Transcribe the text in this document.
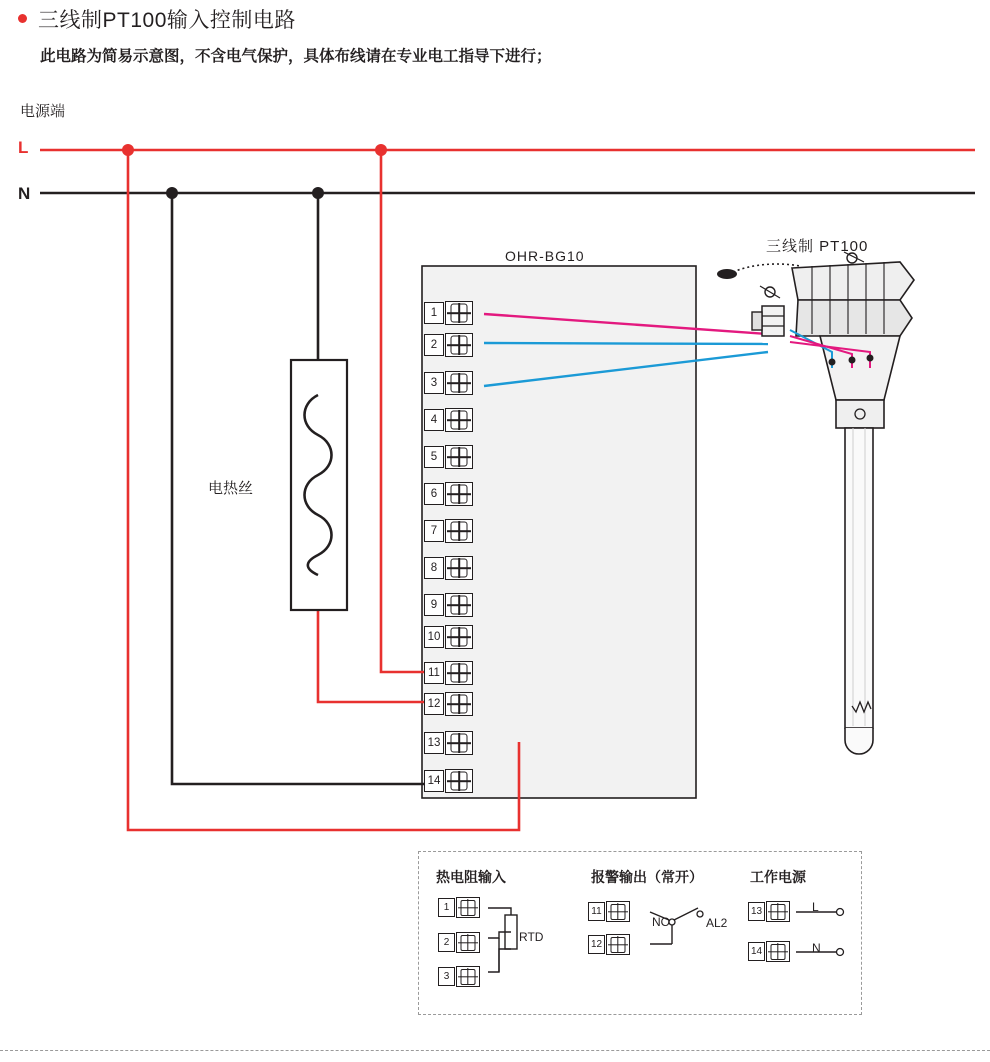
三线制PT100输入控制电路
此电路为简易示意图，不含电气保护，具体布线请在专业电工指导下进行；
电源端
L
N
OHR-BG10
三线制 PT100
电热丝
1
2
3
4
5
6
7
8
9
10
11
12
13
14
热电阻输入	报警输出（常开）	工作电源
1
2
3
RTD
11
12
NO	AL2
13
14
L
N
